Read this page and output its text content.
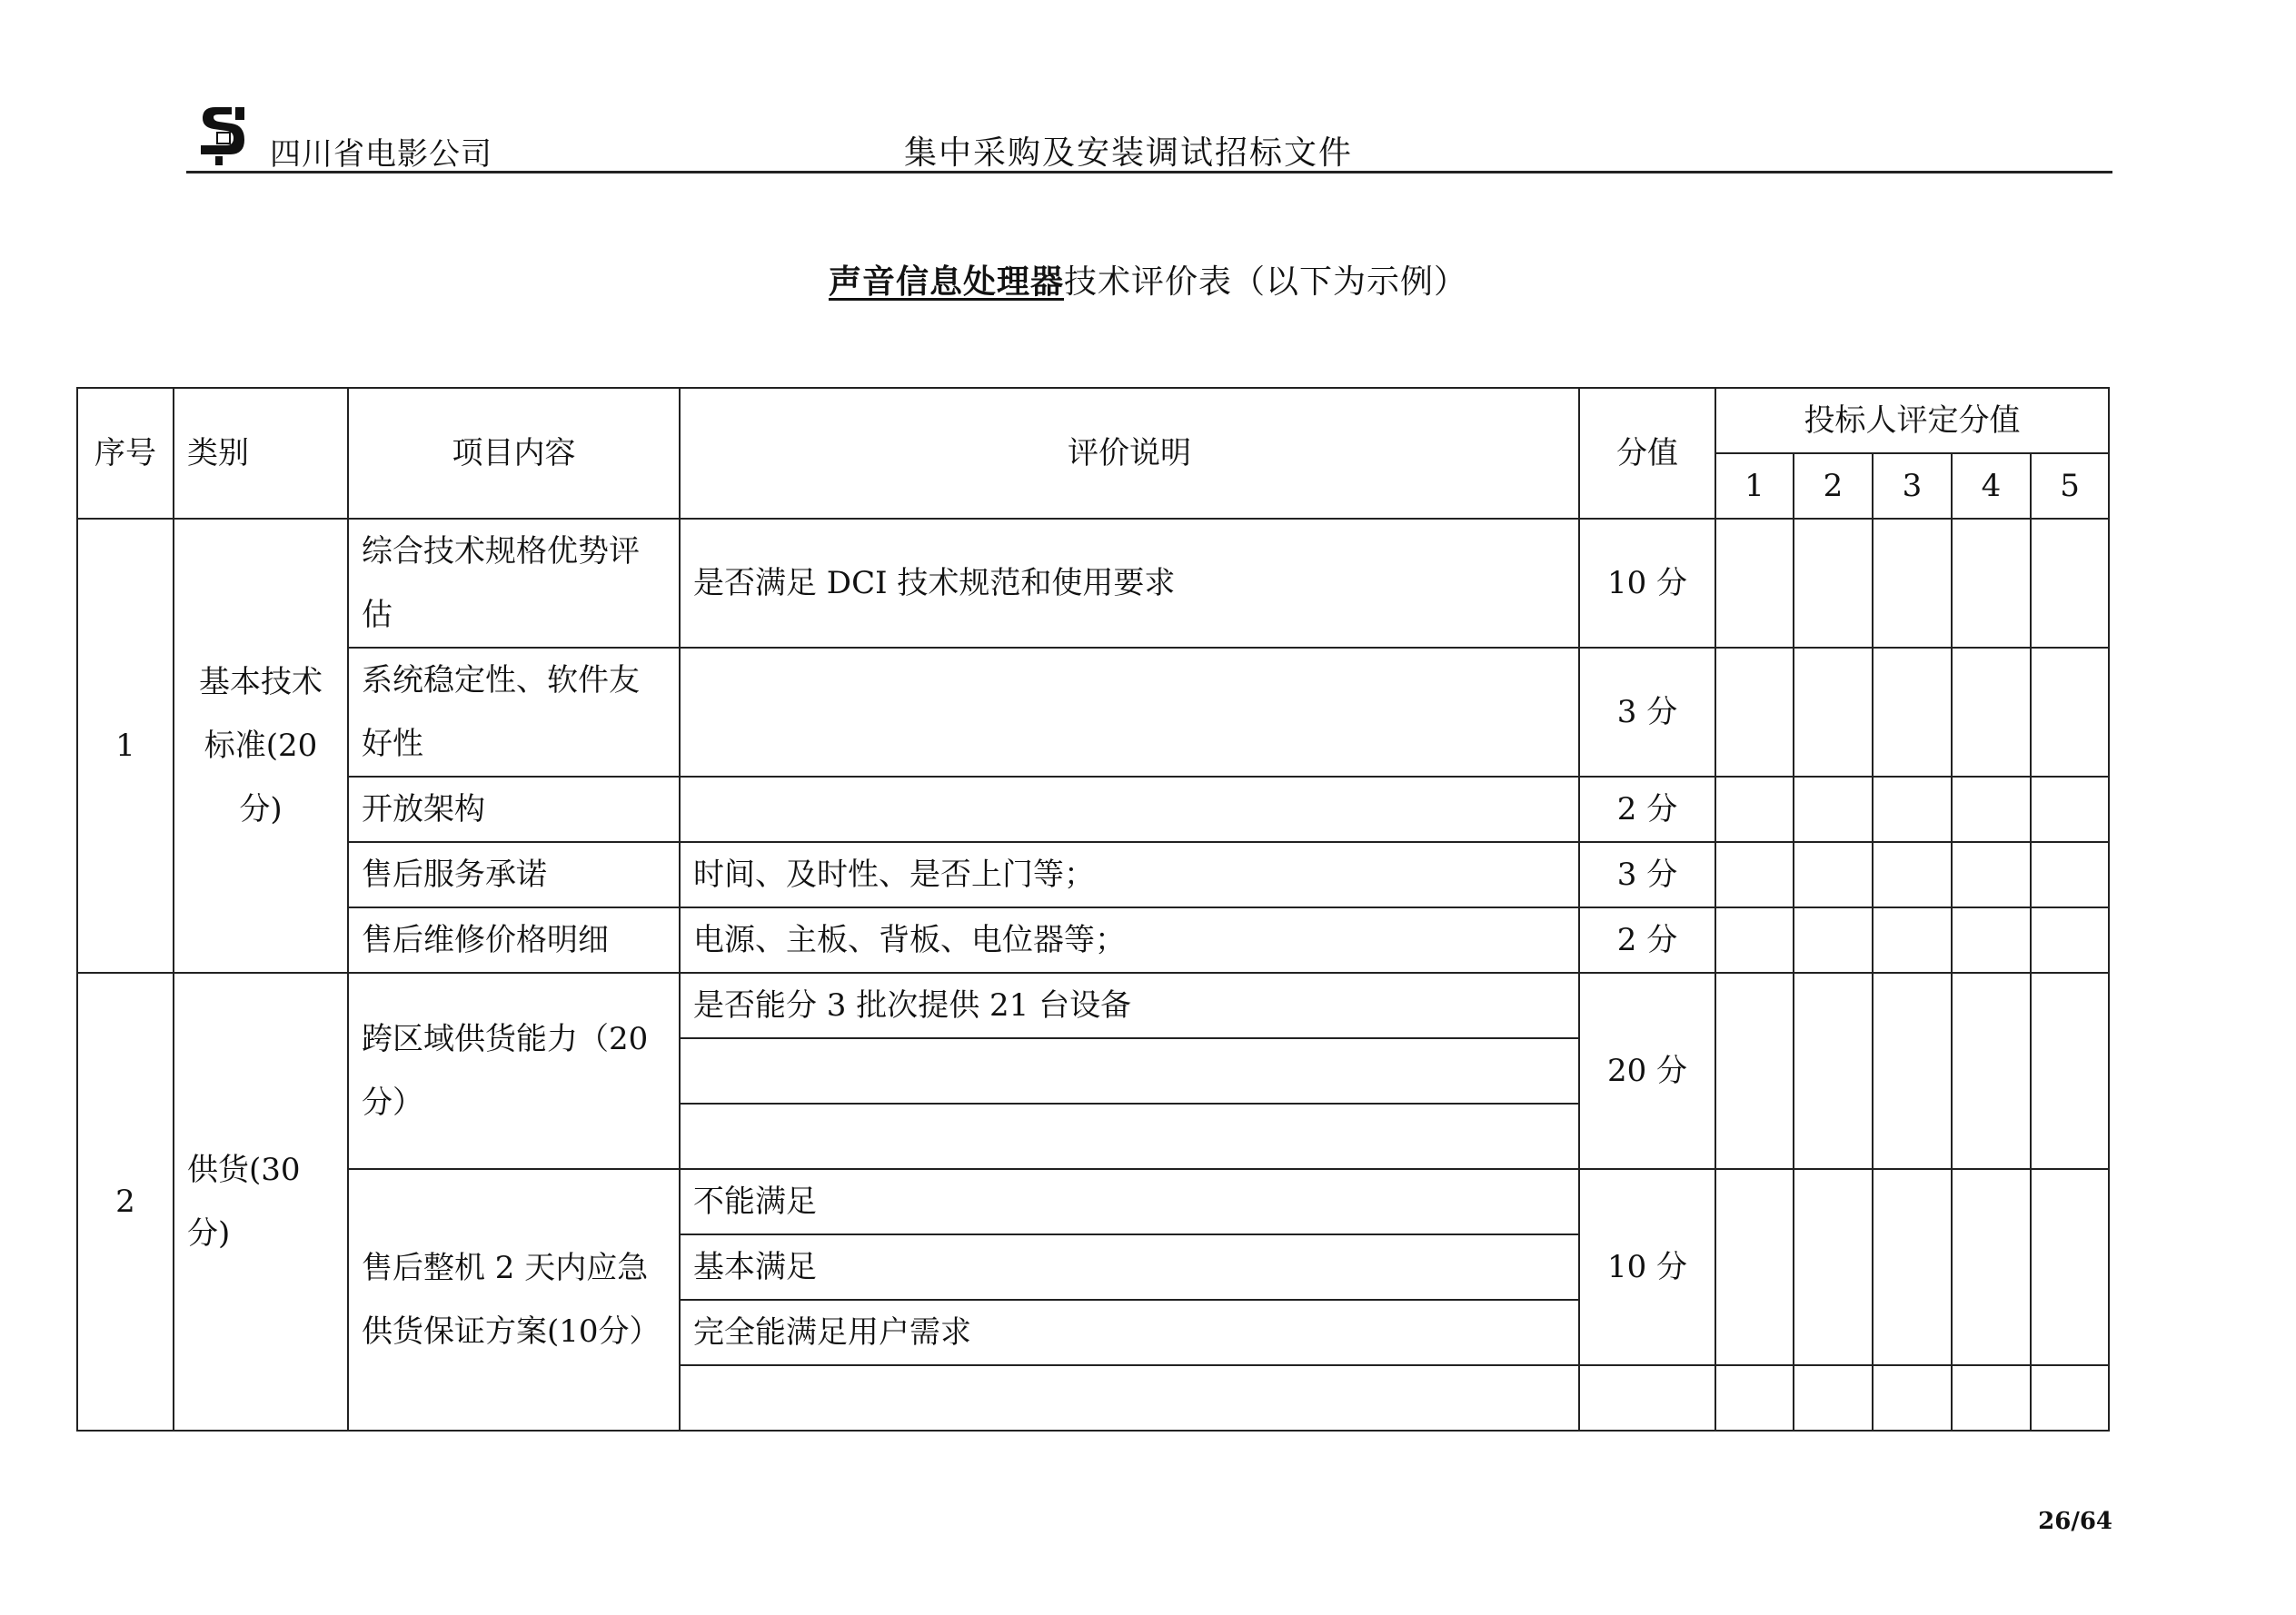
四川省电影公司	集中采购及安装调试招标文件
声音信息处理器技术评价表（以下为示例）
序号	类别	项目内容	评价说明	分值	投标人评定分值				
					1	2	3	4	5
1	基本技术标准(20分)	综合技术规格优势评估	是否满足 DCI 技术规范和使用要求	10 分					
		系统稳定性、软件友好性		3 分					
		开放架构		2 分					
		售后服务承诺	时间、及时性、是否上门等；	3 分					
		售后维修价格明细	电源、主板、背板、电位器等；	2 分					
2	供货(30分)	跨区域供货能力（20分）	是否能分 3 批次提供 21 台设备	20 分					

		售后整机 2 天内应急供货保证方案(10分）	不能满足	10 分					
			基本满足						
			完全能满足用户需求						

26/64
